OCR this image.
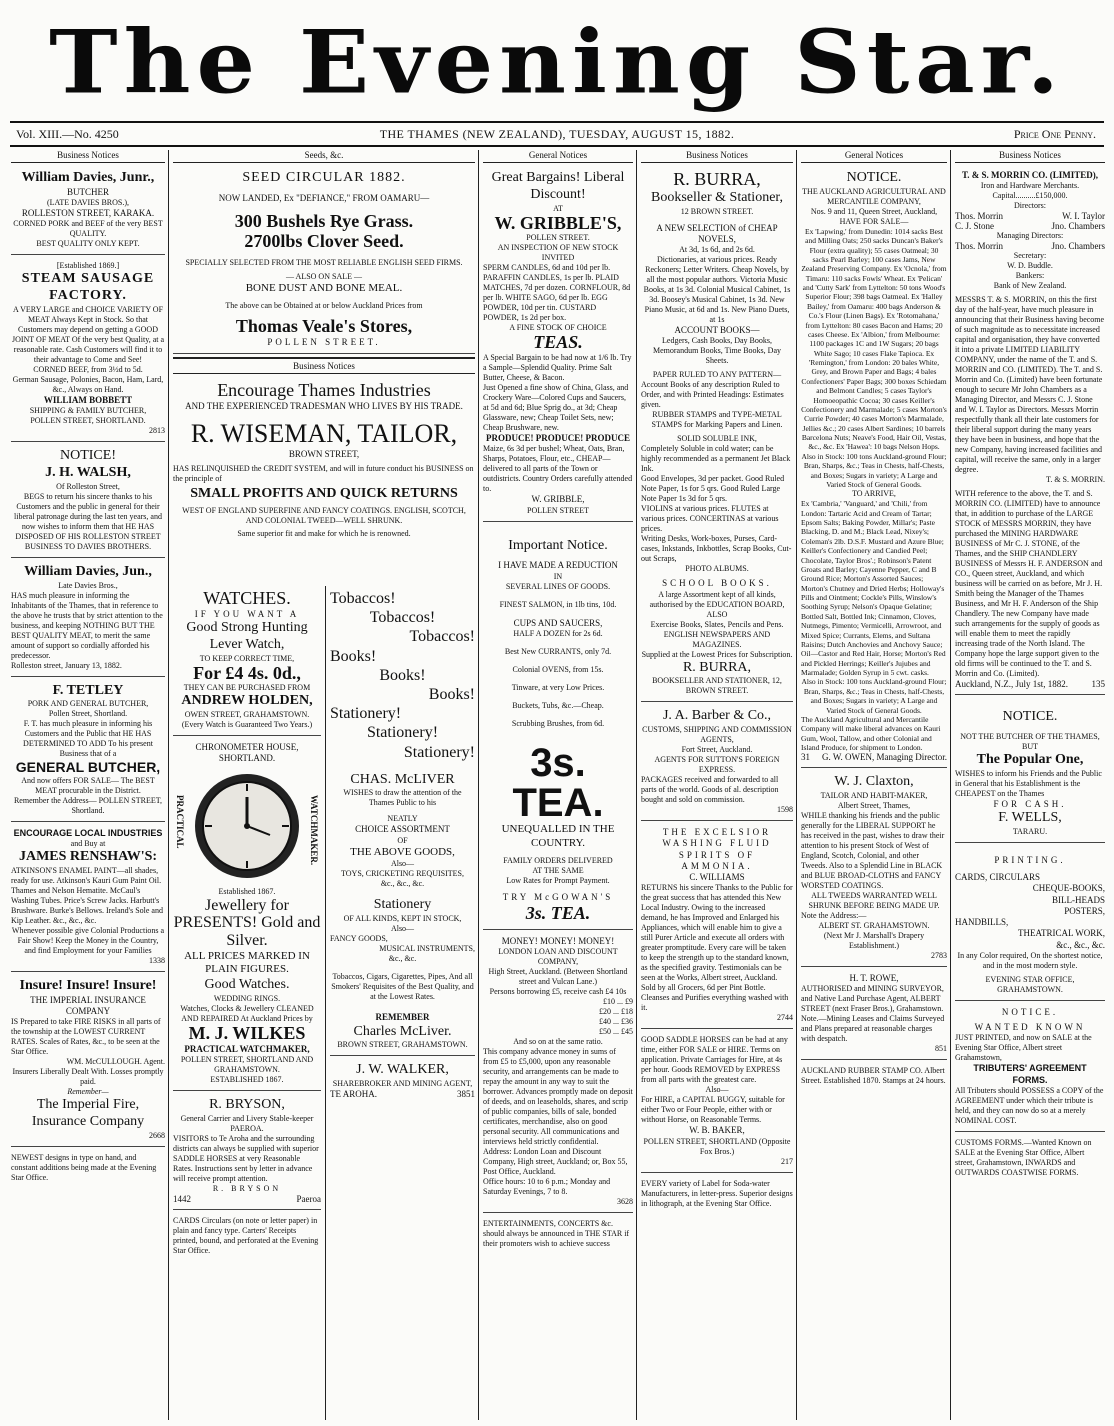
The Evening Star.
Vol. XIII.—No. 4250	THE THAMES (NEW ZEALAND), TUESDAY, AUGUST 15, 1882.	Price One Penny.
Business Notices
William Davies, Junr.,
BUTCHER
(LATE DAVIES BROS.),
ROLLESTON STREET, KARAKA.
CORNED PORK and BEEF of the very BEST QUALITY.
BEST QUALITY ONLY KEPT.
[Established 1869.]
STEAM SAUSAGE FACTORY.
A VERY LARGE and CHOICE VARIETY OF MEAT Always Kept in Stock. So that Customers may depend on getting a GOOD JOINT OF MEAT Of the very best Quality, at a reasonable rate. Cash Customers will find it to their advantage to Come and See!
CORNED BEEF, from 3½d to 5d.
German Sausage, Polonies, Bacon, Ham, Lard, &c., Always on Hand.
WILLIAM BOBBETT
SHIPPING & FAMILY BUTCHER,
POLLEN STREET, SHORTLAND.
2813
NOTICE!
J. H. WALSH,
Of Rolleston Street,
BEGS to return his sincere thanks to his Customers and the public in general for their liberal patronage during the last ten years, and now wishes to inform them that HE HAS DISPOSED OF HIS ROLLESTON STREET BUSINESS TO DAVIES BROTHERS.
William Davies, Jun.,
Late Davies Bros.,
HAS much pleasure in informing the Inhabitants of the Thames, that in reference to the above he trusts that by strict attention to the business, and keeping NOTHING BUT THE BEST QUALITY MEAT, to merit the same amount of support so cordially afforded his predecessor.
Rolleston street, January 13, 1882.
F. TETLEY
PORK AND GENERAL BUTCHER,
Pollen Street, Shortland.
F. T. has much pleasure in informing his Customers and the Public that HE HAS DETERMINED TO ADD To his present Business that of a
GENERAL BUTCHER,
And now offers FOR SALE— The BEST MEAT procurable in the District.
Remember the Address— POLLEN STREET, Shortland.
ENCOURAGE LOCAL INDUSTRIES
and Buy at
JAMES RENSHAW'S:
ATKINSON'S ENAMEL PAINT—all shades, ready for use. Atkinson's Kauri Gum Paint Oil. Thames and Nelson Hematite. McCaul's Washing Tubes. Price's Screw Jacks. Harbutt's Brushware. Burke's Bellows. Ireland's Sole and Kip Leather. &c., &c., &c.
Whenever possible give Colonial Productions a Fair Show! Keep the Money in the Country, and find Employment for your Families
1338
Insure! Insure! Insure!
THE IMPERIAL INSURANCE COMPANY
IS Prepared to take FIRE RISKS in all parts of the township at the LOWEST CURRENT RATES. Scales of Rates, &c., to be seen at the Star Office.
WM. McCULLOUGH. Agent.
Insurers Liberally Dealt With. Losses promptly paid.
Remember—
The Imperial Fire, Insurance Company
2668
NEWEST designs in type on hand, and constant additions being made at the Evening Star Office.
Seeds, &c.
SEED CIRCULAR 1882.
NOW LANDED, Ex "DEFIANCE," FROM OAMARU—
300 Bushels Rye Grass.
2700lbs Clover Seed.
SPECIALLY SELECTED FROM THE MOST RELIABLE ENGLISH SEED FIRMS.
— ALSO ON SALE —
BONE DUST AND BONE MEAL.
The above can be Obtained at or below Auckland Prices from
Thomas Veale's Stores,
POLLEN STREET.
Business Notices
Encourage Thames Industries
AND THE EXPERIENCED TRADESMAN WHO LIVES BY HIS TRADE.
R. WISEMAN, TAILOR,
BROWN STREET,
HAS RELINQUISHED the CREDIT SYSTEM, and will in future conduct his BUSINESS on the principle of
SMALL PROFITS AND QUICK RETURNS
WEST OF ENGLAND SUPERFINE AND FANCY COATINGS. ENGLISH, SCOTCH, AND COLONIAL TWEED—WELL SHRUNK.
Same superior fit and make for which he is renowned.
WATCHES.
IF YOU WANT A
Good Strong Hunting Lever Watch,
TO KEEP CORRECT TIME,
For £4 4s. 0d.,
THEY CAN BE PURCHASED FROM
ANDREW HOLDEN,
OWEN STREET, GRAHAMSTOWN.
(Every Watch is Guaranteed Two Years.)
CHRONOMETER HOUSE, SHORTLAND.
PRACTICAL	WATCHMAKER.
Established 1867.
Jewellery for PRESENTS! Gold and Silver.
ALL PRICES MARKED IN PLAIN FIGURES.
Good Watches.
WEDDING RINGS.
Watches, Clocks & Jewellery CLEANED AND REPAIRED At Auckland Prices by
M. J. WILKES
PRACTICAL WATCHMAKER,
POLLEN STREET, SHORTLAND AND GRAHAMSTOWN.
ESTABLISHED 1867.
R. BRYSON,
General Carrier and Livery Stable-keeper PAEROA.
VISITORS to Te Aroha and the surrounding districts can always be supplied with superior SADDLE HORSES at very Reasonable Rates. Instructions sent by letter in advance will receive prompt attention.
R. BRYSON
1442	Paeroa
CARDS Circulars (on note or letter paper) in plain and fancy type. Carters' Receipts printed, bound, and perforated at the Evening Star Office.
Tobaccos!
Tobaccos!
Tobaccos!
Books!
Books!
Books!
Stationery!
Stationery!
Stationery!
CHAS. McLIVER
WISHES to draw the attention of the Thames Public to his
NEATLY
CHOICE ASSORTMENT
OF
THE ABOVE GOODS,
Also—
TOYS, CRICKETING REQUISITES,
&c., &c., &c.
Stationery
OF ALL KINDS, KEPT IN STOCK,
Also—
FANCY GOODS,
MUSICAL INSTRUMENTS,
&c., &c.
Tobaccos, Cigars, Cigarettes, Pipes, And all Smokers' Requisites of the Best Quality, and at the Lowest Rates.
REMEMBER
Charles McLiver.
BROWN STREET, GRAHAMSTOWN.
J. W. WALKER,
SHAREBROKER AND MINING AGENT,
TE AROHA.	3851
General Notices
Great Bargains! Liberal Discount!
AT
W. GRIBBLE'S,
POLLEN STREET.
AN INSPECTION OF NEW STOCK INVITED
SPERM CANDLES, 6d and 10d per lb. PARAFFIN CANDLES, 1s per lb. PLAID MATCHES, 7d per dozen. CORNFLOUR, 8d per lb. WHITE SAGO, 6d per lb. EGG POWDER, 10d per tin. CUSTARD POWDER, 1s 2d per box.
A FINE STOCK OF CHOICE
TEAS.
A Special Bargain to be had now at 1/6 lb. Try a Sample—Splendid Quality. Prime Salt Butter, Cheese, & Bacon.
Just Opened a fine show of China, Glass, and Crockery Ware—Colored Cups and Saucers, at 5d and 6d; Blue Sprig do., at 3d; Cheap Glassware, new; Cheap Toilet Sets, new; Cheap Brushware, new.
PRODUCE! PRODUCE! PRODUCE
Maize, 6s 3d per bushel; Wheat, Oats, Bran, Sharps, Potatoes, Flour, etc., CHEAP—delivered to all parts of the Town or outdistricts. Country Orders carefully attended to.
W. GRIBBLE,
POLLEN STREET
Important Notice.
I HAVE MADE A REDUCTION
IN
SEVERAL LINES OF GOODS.
FINEST SALMON, in 1lb tins, 10d.
CUPS AND SAUCERS,
HALF A DOZEN for 2s 6d.
Best New CURRANTS, only 7d.
Colonial OVENS, from 15s.
Tinware, at very Low Prices.
Buckets, Tubs, &c.—Cheap.
Scrubbing Brushes, from 6d.
3s. TEA.
UNEQUALLED IN THE COUNTRY.
FAMILY ORDERS DELIVERED
AT THE SAME
Low Rates for Prompt Payment.
TRY McGOWAN'S
3s. TEA.
MONEY! MONEY! MONEY!
LONDON LOAN AND DISCOUNT COMPANY,
High Street, Auckland. (Between Shortland street and Vulcan Lane.)
Persons borrowing £5, receive cash £4 10s
£10 ... £9
£20 ... £18
£40 ... £36
£50 ... £45
And so on at the same ratio.
This company advance money in sums of from £5 to £5,000, upon any reasonable security, and arrangements can be made to repay the amount in any way to suit the borrower. Advances promptly made on deposit of deeds, and on leaseholds, shares, and scrip of public companies, bills of sale, bonded certificates, merchandise, also on good personal security. All communications and interviews held strictly confidential.
Address: London Loan and Discount Company, High street, Auckland; or, Box 55, Post Office, Auckland.
Office hours: 10 to 6 p.m.; Monday and Saturday Evenings, 7 to 8.
3628
ENTERTAINMENTS, CONCERTS &c. should always be announced in THE STAR if their promoters wish to achieve success
Business Notices
R. BURRA,
Bookseller & Stationer,
12 BROWN STREET.
A NEW SELECTION of CHEAP NOVELS,
At 3d, 1s 6d, and 2s 6d.
Dictionaries, at various prices. Ready Reckoners; Letter Writers. Cheap Novels, by all the most popular authors. Victoria Music Books, at 1s 3d. Colonial Musical Cabinet, 1s 3d. Boosey's Musical Cabinet, 1s 3d. New Piano Music, at 6d and 1s. New Piano Duets, at 1s
ACCOUNT BOOKS—
Ledgers, Cash Books, Day Books, Memorandum Books, Time Books, Day Sheets.
PAPER RULED TO ANY PATTERN—
Account Books of any description Ruled to Order, and with Printed Headings: Estimates given.
RUBBER STAMPS and TYPE-METAL STAMPS for Marking Papers and Linen.
SOLID SOLUBLE INK,
Completely Soluble in cold water; can be highly recommended as a permanent Jet Black Ink.
Good Envelopes, 3d per packet. Good Ruled Note Paper, 1s for 5 qrs. Good Ruled Large Note Paper 1s 3d for 5 qrs.
VIOLINS at various prices. FLUTES at various prices. CONCERTINAS at various prices.
Writing Desks, Work-boxes, Purses, Card-cases, Inkstands, Inkbottles, Scrap Books, Cut-out Scraps,
PHOTO ALBUMS.
SCHOOL BOOKS.
A large Assortment kept of all kinds, authorised by the EDUCATION BOARD,
ALSO
Exercise Books, Slates, Pencils and Pens.
ENGLISH NEWSPAPERS AND MAGAZINES.
Supplied at the Lowest Prices for Subscription.
R. BURRA,
BOOKSELLER AND STATIONER, 12, BROWN STREET.
J. A. Barber & Co.,
CUSTOMS, SHIPPING AND COMMISSION AGENTS,
Fort Street, Auckland.
AGENTS FOR SUTTON'S FOREIGN EXPRESS.
PACKAGES received and forwarded to all parts of the world. Goods of al. description bought and sold on commission.
1598
THE EXCELSIOR WASHING FLUID SPIRITS OF AMMONIA.
C. WILLIAMS
RETURNS his sincere Thanks to the Public for the great success that has attended this New Local Industry. Owing to the increased demand, he has Improved and Enlarged his Appliances, which will enable him to give a still Purer Article and execute all orders with greater promptitude. Every care will be taken to keep the strength up to the standard known, as the specified gravity. Testimonials can be seen at the Works, Albert street, Auckland. Sold by all Grocers, 6d per Pint Bottle. Cleanses and Purifies everything washed with it.
2744
GOOD SADDLE HORSES can be had at any time, either FOR SALE or HIRE. Terms on application. Private Carriages for Hire, at 4s per hour. Goods REMOVED by EXPRESS from all parts with the greatest care.
Also—
For HIRE, a CAPITAL BUGGY, suitable for either Two or Four People, either with or without Horse, on Reasonable Terms.
W. B. BAKER,
POLLEN STREET, SHORTLAND (Opposite Fox Bros.)
217
EVERY variety of Label for Soda-water Manufacturers, in letter-press. Superior designs in lithograph, at the Evening Star Office.
General Notices
NOTICE.
THE AUCKLAND AGRICULTURAL AND MERCANTILE COMPANY,
Nos. 9 and 11, Queen Street, Auckland,
HAVE FOR SALE—
Ex 'Lapwing,' from Dunedin: 1014 sacks Best and Milling Oats; 250 sacks Duncan's Baker's Flour (extra quality); 55 cases Oatmeal; 30 sacks Pearl Barley; 100 cases Jams, New Zealand Preserving Company. Ex 'Ocnola,' from Timaru: 110 sacks Fowls' Wheat. Ex 'Pelican' and 'Cutty Sark' from Lyttelton: 50 tons Wood's Superior Flour; 398 bags Oatmeal. Ex 'Halley Bailey,' from Oamaru: 400 bags Anderson & Co.'s Flour (Linen Bags). Ex 'Rotomahana,' from Lyttelton: 80 cases Bacon and Hams; 20 cases Cheese. Ex 'Albion,' from Melbourne: 1100 packages 1C and 1W Sugars; 20 bags White Sago; 10 cases Flake Tapioca. Ex 'Remington,' from London: 20 bales White, Grey, and Brown Paper and Bags; 4 bales Confectioners' Paper Bags; 300 boxes Schiedam and Belmont Candles; 5 cases Taylor's Homoeopathic Cocoa; 30 cases Keiller's Confectionery and Marmalade; 5 cases Morton's Currie Powder; 40 cases Morton's Marmalade, Jellies &c.; 20 cases Albert Sardines; 10 barrels Barcelona Nuts; Neave's Food, Hair Oil, Vestas, &c., &c. Ex 'Hawea': 10 bags Nelson Hops. Also in Stock: 100 tons Auckland-ground Flour; Bran, Sharps, &c.; Teas in Chests, half-Chests, and Boxes; Sugars in variety; A Large and Varied Stock of General Goods.
TO ARRIVE,
Ex 'Cambria,' 'Vanguard,' and 'Chili,' from London: Tartaric Acid and Cream of Tartar; Epsom Salts; Baking Powder, Millar's; Paste Blacking, D. and M.; Black Lead, Nixey's; Coleman's 2lb. D.S.F. Mustard and Azure Blue; Keiller's Confectionery and Candied Peel; Chocolate, Taylor Bros'.; Robinson's Patent Groats and Barley; Cayenne Pepper, C and B Ground Rice; Morton's Assorted Sauces; Morton's Chutney and Dried Herbs; Holloway's Pills and Ointment; Cockle's Pills, Winslow's Soothing Syrup; Nelson's Opaque Gelatine; Bottled Salt, Bottled Ink; Cinnamon, Cloves, Nutmegs, Pimento; Vermicelli, Arrowroot, and Mixed Spice; Currants, Elems, and Sultana Raisins; Dutch Anchovies and Anchovy Sauce; Oil—Castor and Red Hair, Horse; Morton's Red and Pickled Herrings; Keiller's Jujubes and Marmalade; Golden Syrup in 5 cwt. casks.
Also in Stock: 100 tons Auckland-ground Flour; Bran, Sharps, &c.; Teas in Chests, half-Chests, and Boxes; Sugars in variety; A Large and Varied Stock of General Goods.
The Auckland Agricultural and Mercantile Company will make liberal advances on Kauri Gum, Wool, Tallow, and other Colonial and Island Produce, for shipment to London.
31 G. W. OWEN, Managing Director.
W. J. Claxton,
TAILOR AND HABIT-MAKER,
Albert Street, Thames,
WHILE thanking his friends and the public generally for the LIBERAL SUPPORT he has received in the past, wishes to draw their attention to his present Stock of West of England, Scotch, Colonial, and other Tweeds. Also to a Splendid Line in BLACK and BLUE BROAD-CLOTHS and FANCY WORSTED COATINGS.
ALL TWEEDS WARRANTED WELL SHRUNK BEFORE BEING MADE UP.
Note the Address:—
ALBERT ST. GRAHAMSTOWN.
(Next Mr J. Marshall's Drapery Establishment.)
2783
H. T. ROWE,
AUTHORISED and MINING SURVEYOR, and Native Land Purchase Agent, ALBERT STREET (next Fraser Bros.), Grahamstown.
Note.—Mining Leases and Claims Surveyed and Plans prepared at reasonable charges with despatch.
851
AUCKLAND RUBBER STAMP CO. Albert Street. Established 1870. Stamps at 24 hours.
Business Notices
T. & S. MORRIN CO. (LIMITED),
Iron and Hardware Merchants.
Capital..........£150,000.
Directors:
Thos. Morrin	W. I. Taylor
C. J. Stone	Jno. Chambers
Managing Directors:
Thos. Morrin	Jno. Chambers
Secretary:
W. D. Buddle.
Bankers:
Bank of New Zealand.
MESSRS T. & S. MORRIN, on this the first day of the half-year, have much pleasure in announcing that their Business having become of such magnitude as to necessitate increased capital and organisation, they have converted it into a private LIMITED LIABILITY COMPANY, under the name of the T. and S. MORRIN and CO. (LIMITED). The T. and S. Morrin and Co. (Limited) have been fortunate enough to secure Mr John Chambers as a Managing Director, and Messrs C. J. Stone and W. I. Taylor as Directors. Messrs Morrin respectfully thank all their late customers for their liberal support during the many years they have been in business, and hope that the new Company, having increased facilities and capital, will receive the same, only in a larger degree.
T. & S. MORRIN.
WITH reference to the above, the T. and S. MORRIN CO. (LIMITED) have to announce that, in addition to purchase of the LARGE STOCK of MESSRS MORRIN, they have purchased the MINING HARDWARE BUSINESS of Mr C. J. STONE, of the Thames, and the SHIP CHANDLERY BUSINESS of Messrs H. F. ANDERSON and CO., Queen street, Auckland, and which business will be carried on as before, Mr J. H. Smith being the Manager of the Thames Business, and Mr H. F. Anderson of the Ship Chandlery. The new Company have made such arrangements for the supply of goods as will enable them to meet the rapidly increasing trade of the North Island. The Company hope the large support given to the old firms will be continued to the T. and S. Morrin and Co. (Limited).
Auckland, N.Z., July 1st, 1882.	135
NOTICE.
NOT THE BUTCHER OF THE THAMES, BUT
The Popular One,
WISHES to inform his Friends and the Public in General that his Establishment is the CHEAPEST on the Thames
FOR CASH.
F. WELLS,
TARARU.
PRINTING.
CARDS, CIRCULARS
CHEQUE-BOOKS,
BILL-HEADS
POSTERS,
HANDBILLS,
THEATRICAL WORK,
&c., &c., &c.
In any Color required, On the shortest notice, and in the most modern style.
EVENING STAR OFFICE,
GRAHAMSTOWN.
NOTICE.
WANTED KNOWN
JUST PRINTED, and now on SALE at the Evening Star Office, Albert street Grahamstown,
TRIBUTERS' AGREEMENT FORMS.
All Tributers should POSSESS a COPY of the AGREEMENT under which their tribute is held, and they can now do so at a merely NOMINAL COST.
CUSTOMS FORMS.—Wanted Known on SALE at the Evening Star Office, Albert street, Grahamstown, INWARDS and OUTWARDS COASTWISE FORMS.
